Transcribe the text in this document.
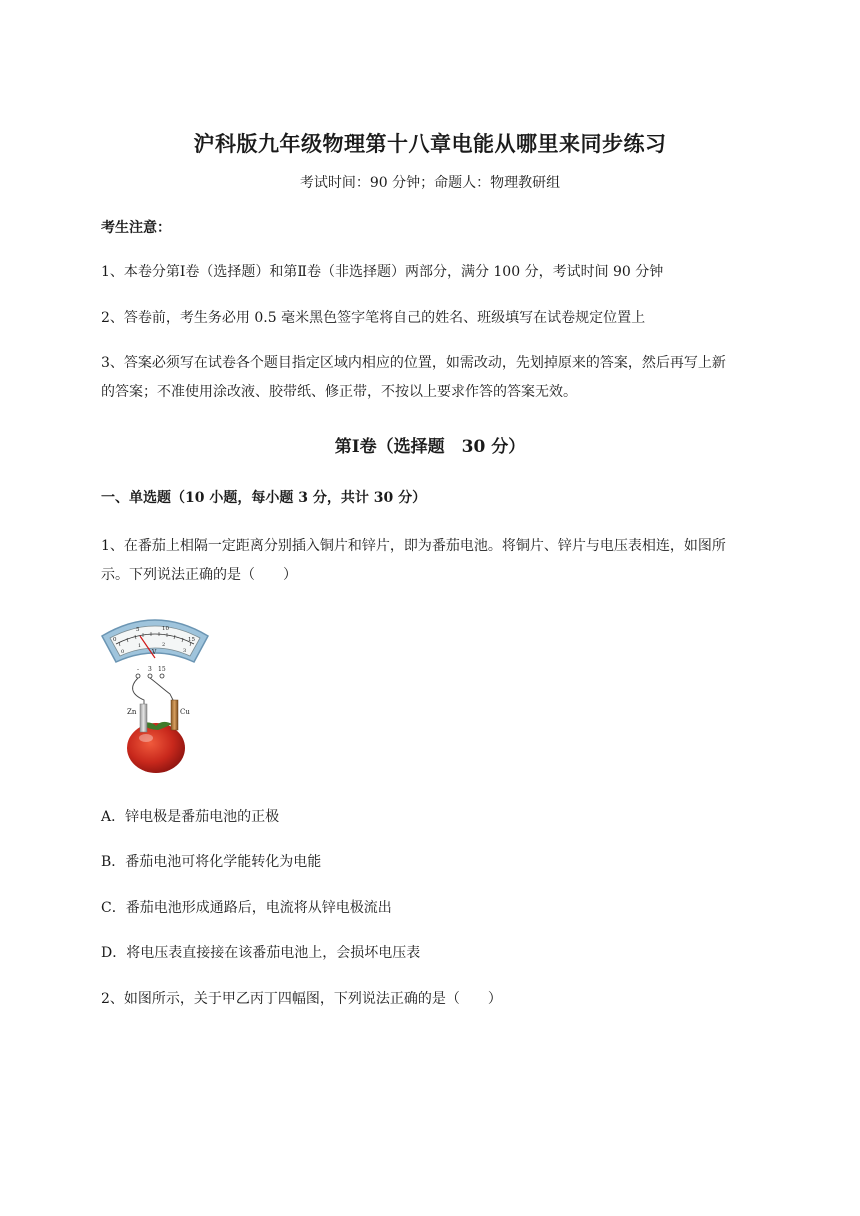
沪科版九年级物理第十八章电能从哪里来同步练习
考试时间：90 分钟；命题人：物理教研组
考生注意：
1、本卷分第Ⅰ卷（选择题）和第Ⅱ卷（非选择题）两部分，满分 100 分，考试时间 90 分钟
2、答卷前，考生务必用 0.5 毫米黑色签字笔将自己的姓名、班级填写在试卷规定位置上
3、答案必须写在试卷各个题目指定区域内相应的位置，如需改动，先划掉原来的答案，然后再写上新
的答案；不准使用涂改液、胶带纸、修正带，不按以上要求作答的答案无效。
第Ⅰ卷（选择题　30 分）
一、单选题（10 小题，每小题 3 分，共计 30 分）
1、在番茄上相隔一定距离分别插入铜片和锌片，即为番茄电池。将铜片、锌片与电压表相连，如图所
示。下列说法正确的是（　　）
0
5	10
15
0
1	2
3
V
- 3 15
Zn	Cu
A．锌电极是番茄电池的正极
B．番茄电池可将化学能转化为电能
C．番茄电池形成通路后，电流将从锌电极流出
D．将电压表直接接在该番茄电池上，会损坏电压表
2、如图所示，关于甲乙丙丁四幅图，下列说法正确的是（　　）
